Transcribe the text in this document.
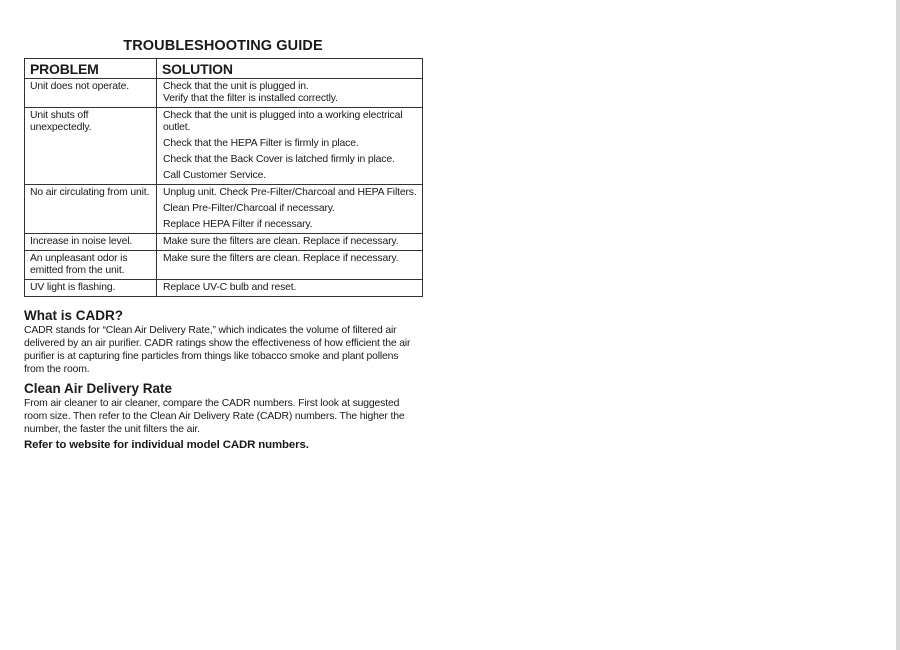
TROUBLESHOOTING GUIDE
PROBLEM	SOLUTION
Unit does not operate.	Check that the unit is plugged in.
Verify that the filter is installed correctly.

Unit shuts off unexpectedly.	Check that the unit is plugged into a working electrical outlet.
Check that the HEPA Filter is firmly in place.
Check that the Back Cover is latched firmly in place.
Call Customer Service.

No air circulating from unit.	Unplug unit. Check Pre-Filter/Charcoal and HEPA Filters.
Clean Pre-Filter/Charcoal if necessary.
Replace HEPA Filter if necessary.

Increase in noise level.	Make sure the filters are clean. Replace if necessary.

An unpleasant odor is emitted from the unit.	Make sure the filters are clean. Replace if necessary.

UV light is flashing.	Replace UV-C bulb and reset.
What is CADR?

CADR stands for “Clean Air Delivery Rate,” which indicates the volume of filtered air delivered by an air purifier. CADR ratings show the effectiveness of how efficient the air purifier is at capturing fine particles from things like tobacco smoke and plant pollens from the room.

Clean Air Delivery Rate

From air cleaner to air cleaner, compare the CADR numbers. First look at suggested room size. Then refer to the Clean Air Delivery Rate (CADR) numbers. The higher the number, the faster the unit filters the air.

Refer to website for individual model CADR numbers.
